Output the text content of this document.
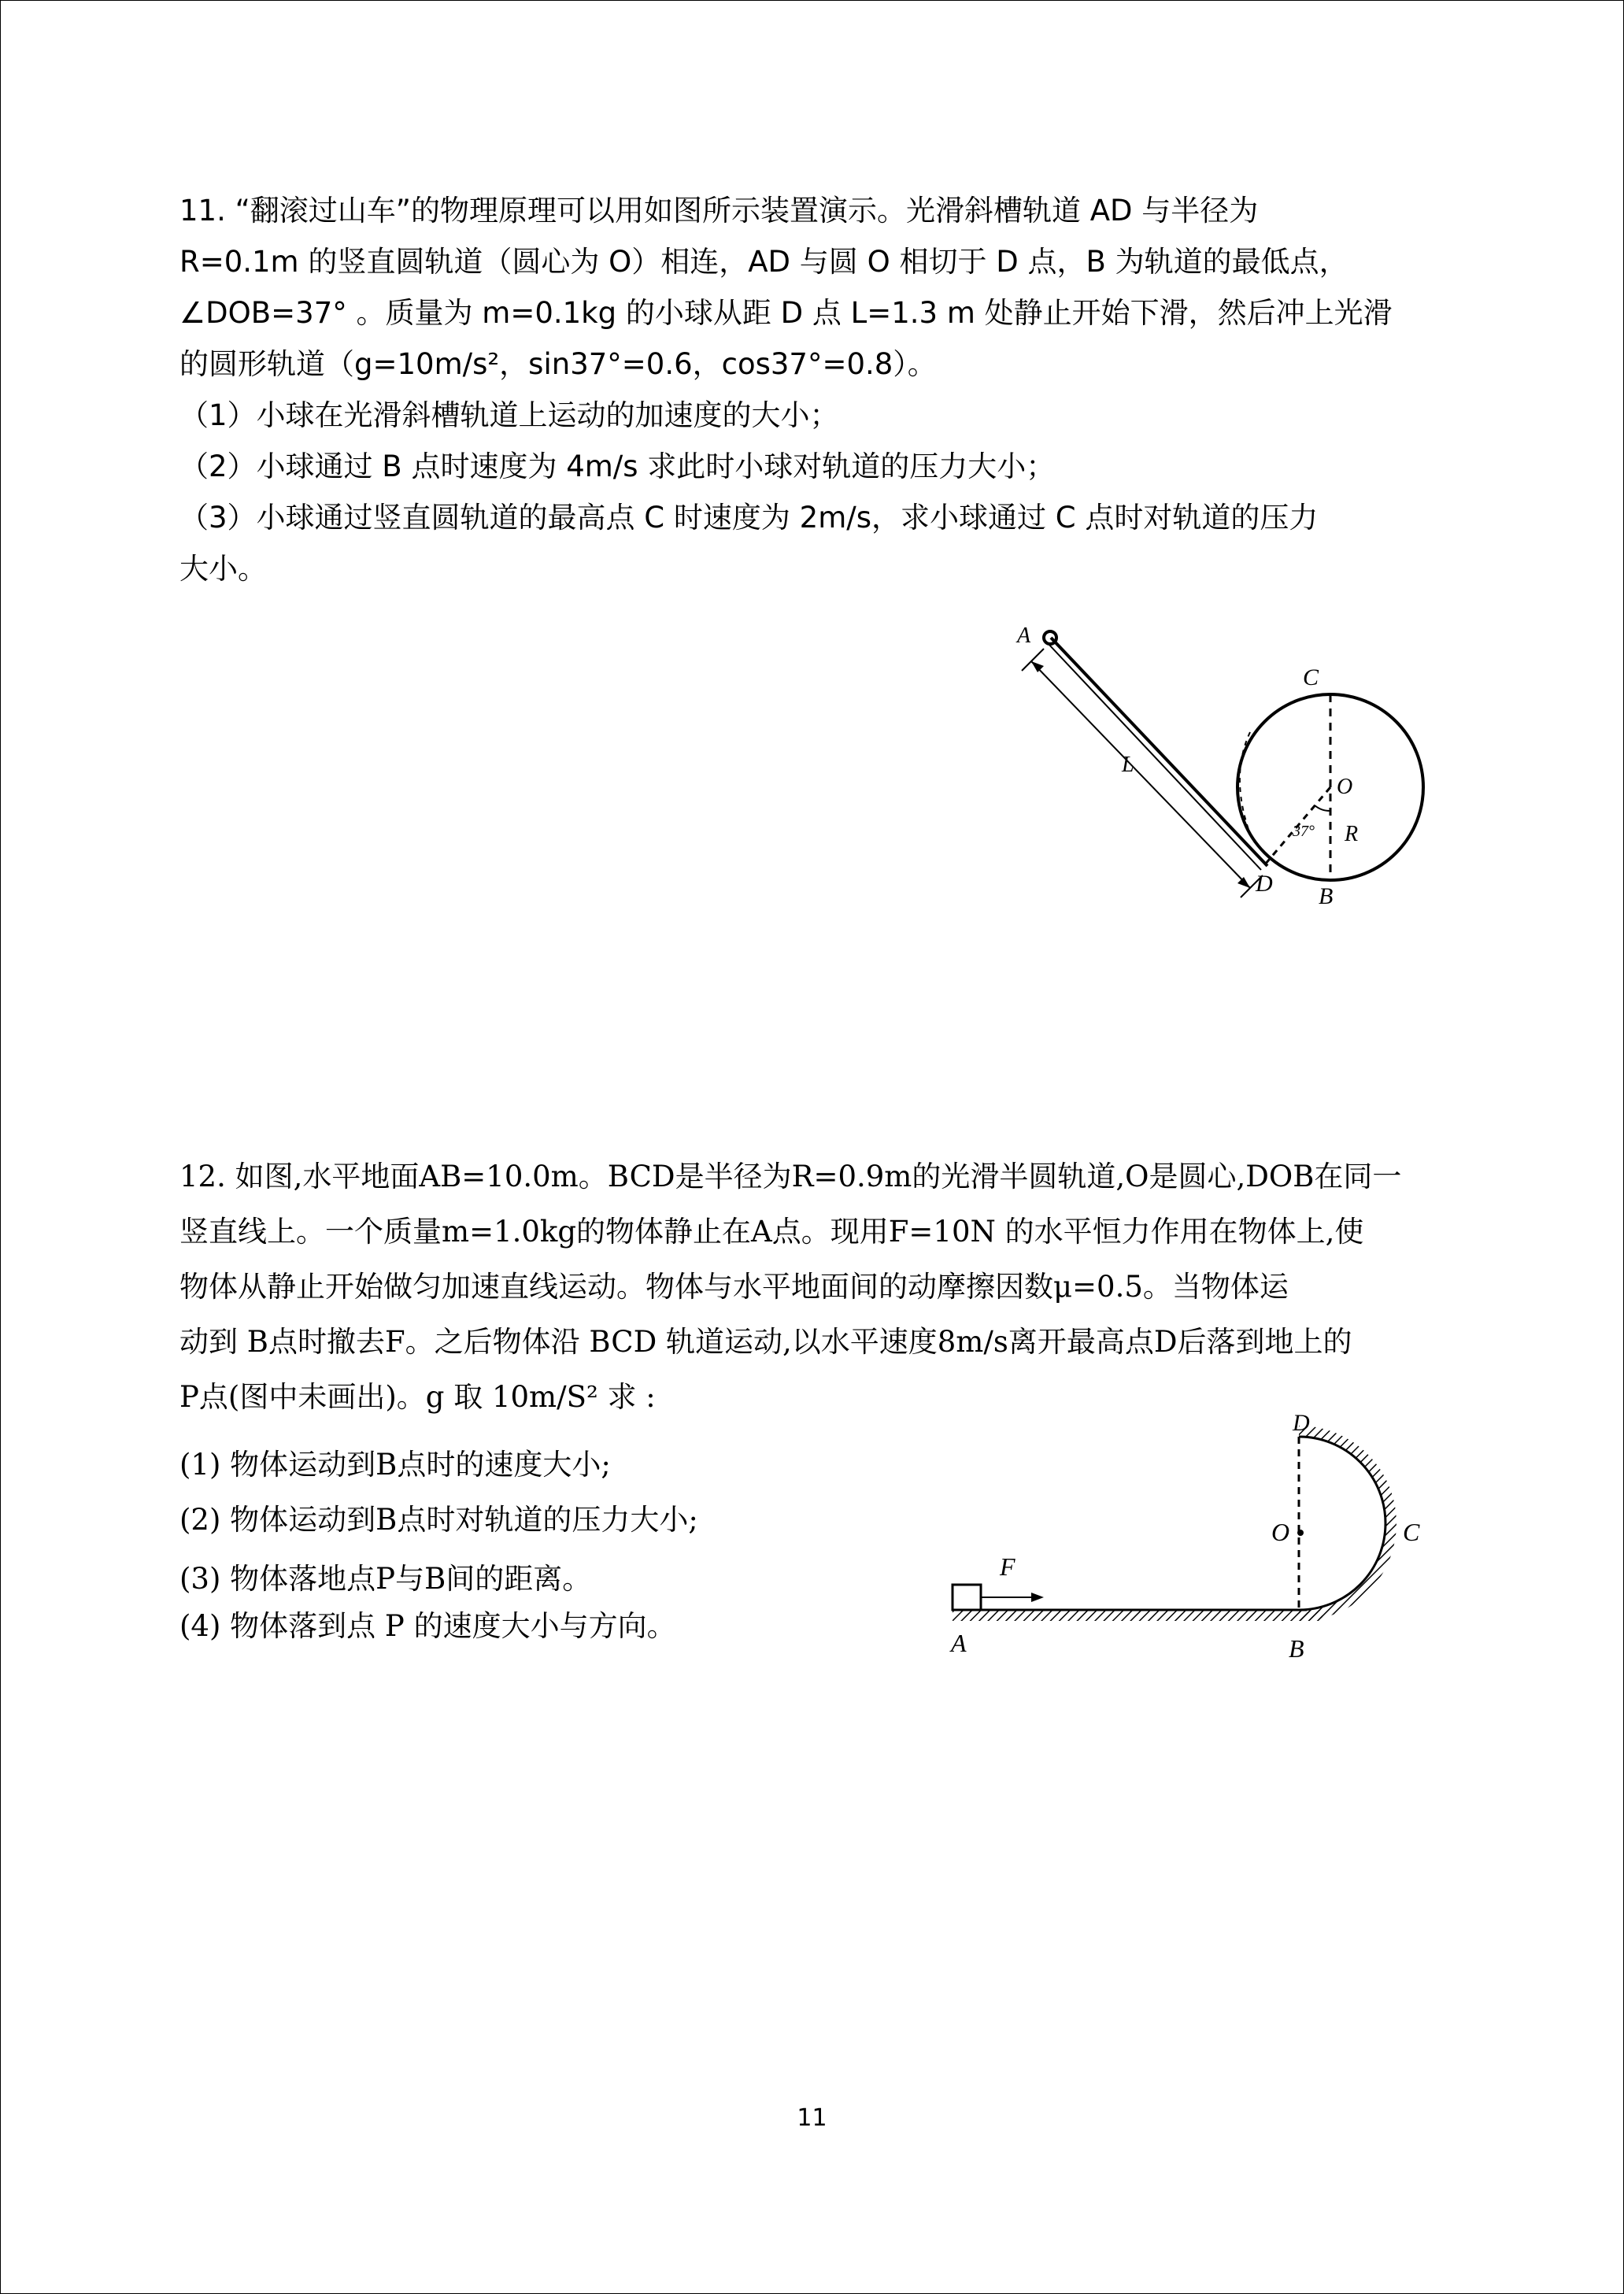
11. “翻滚过山车”的物理原理可以用如图所示装置演示。光滑斜槽轨道 AD 与半径为
R=0.1m 的竖直圆轨道（圆心为 O）相连，AD 与圆 O 相切于 D 点，B 为轨道的最低点，
∠DOB=37° 。质量为 m=0.1kg 的小球从距 D 点 L=1.3 m 处静止开始下滑，然后冲上光滑
的圆形轨道（g=10m/s²，sin37°=0.6，cos37°=0.8）。
（1）小球在光滑斜槽轨道上运动的加速度的大小；
（2）小球通过 B 点时速度为 4m/s 求此时小球对轨道的压力大小；
（3）小球通过竖直圆轨道的最高点 C 时速度为 2m/s，求小球通过 C 点时对轨道的压力
大小。
A
C
L
O
37° R
D B
12. 如图,水平地面AB=10.0m。BCD是半径为R=0.9m的光滑半圆轨道,O是圆心,DOB在同一
竖直线上。一个质量m=1.0kg的物体静止在A点。现用F=10N 的水平恒力作用在物体上,使
物体从静止开始做匀加速直线运动。物体与水平地面间的动摩擦因数μ=0.5。当物体运
动到 B点时撤去F。之后物体沿 BCD 轨道运动,以水平速度8m/s离开最高点D后落到地上的
P点(图中未画出)。g 取 10m/S² 求 :
(1) 物体运动到B点时的速度大小;
(2) 物体运动到B点时对轨道的压力大小;
(3) 物体落地点P与B间的距离。
(4) 物体落到点 P 的速度大小与方向。
D
O	C
F
A	B
11
